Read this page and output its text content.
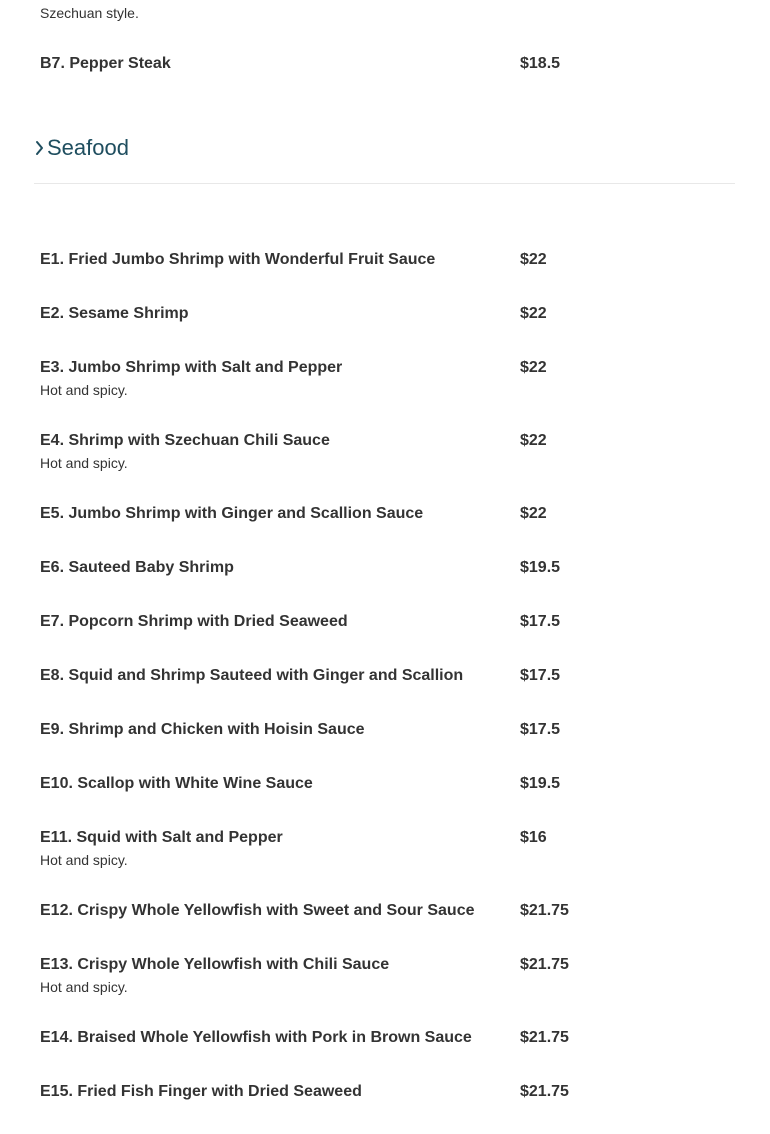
Szechuan style.
B7. Pepper Steak	$18.5
Seafood
E1. Fried Jumbo Shrimp with Wonderful Fruit Sauce	$22
E2. Sesame Shrimp	$22
E3. Jumbo Shrimp with Salt and Pepper	$22
Hot and spicy.
E4. Shrimp with Szechuan Chili Sauce	$22
Hot and spicy.
E5. Jumbo Shrimp with Ginger and Scallion Sauce	$22
E6. Sauteed Baby Shrimp	$19.5
E7. Popcorn Shrimp with Dried Seaweed	$17.5
E8. Squid and Shrimp Sauteed with Ginger and Scallion	$17.5
E9. Shrimp and Chicken with Hoisin Sauce	$17.5
E10. Scallop with White Wine Sauce	$19.5
E11. Squid with Salt and Pepper	$16
Hot and spicy.
E12. Crispy Whole Yellowfish with Sweet and Sour Sauce	$21.75
E13. Crispy Whole Yellowfish with Chili Sauce	$21.75
Hot and spicy.
E14. Braised Whole Yellowfish with Pork in Brown Sauce	$21.75
E15. Fried Fish Finger with Dried Seaweed	$21.75
